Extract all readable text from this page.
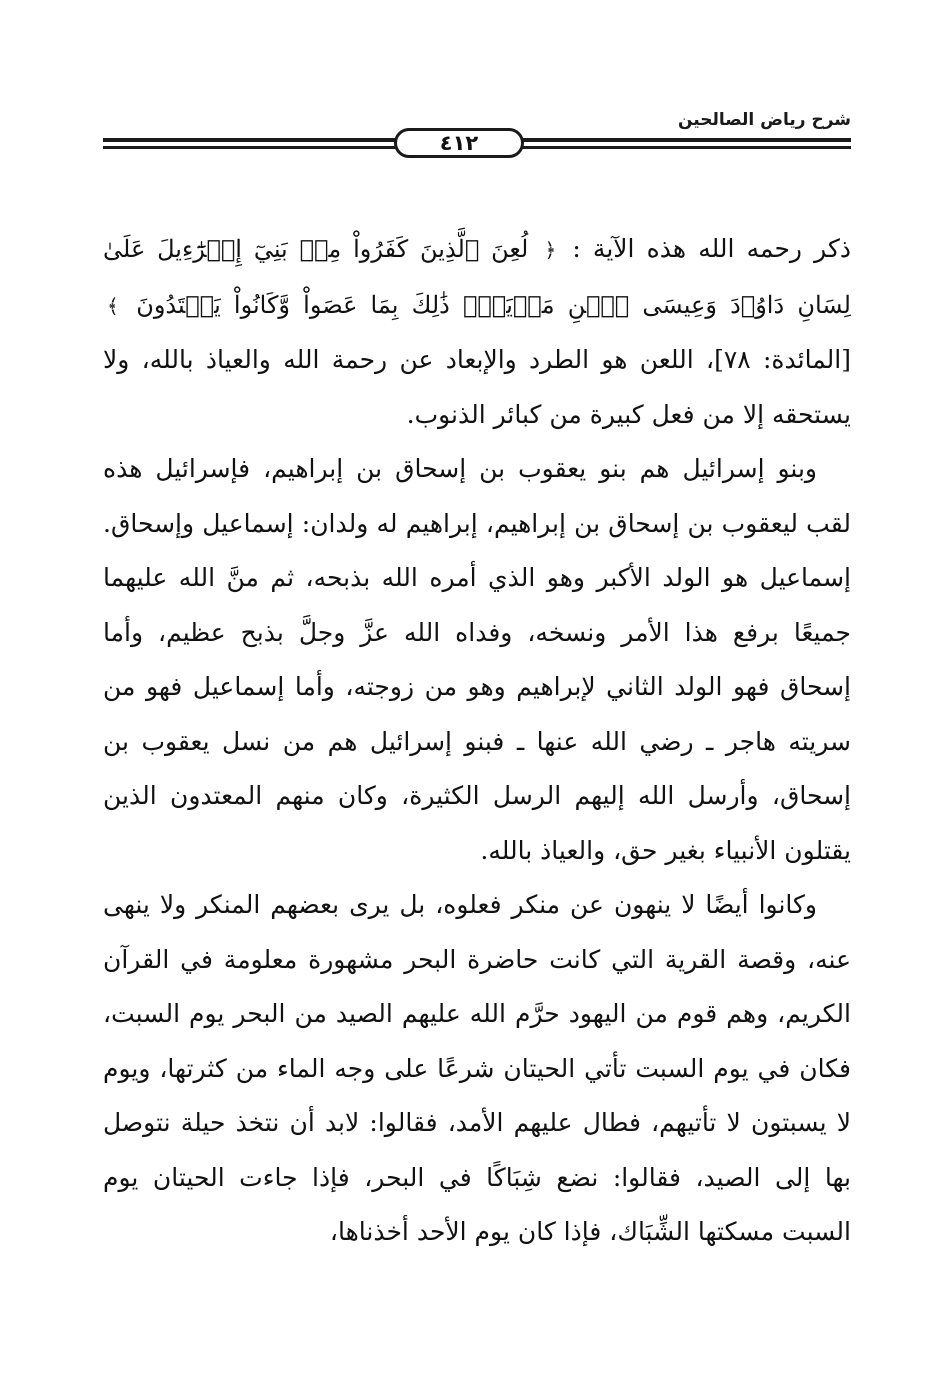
شرح رياض الصالحين
٤١٢

ذكر رحمه الله هذه الآية : ﴿ لُعِنَ ٱلَّذِينَ كَفَرُواْ مِنۢ بَنِيٓ إِسۡرَٰٓءِيلَ عَلَىٰ لِسَانِ دَاوُۥدَ وَعِيسَى ٱبۡنِ مَرۡيَمَۚ ذَٰلِكَ بِمَا عَصَواْ وَّكَانُواْ يَعۡتَدُونَ ﴾ [المائدة: ٧٨]، اللعن هو الطرد والإبعاد عن رحمة الله والعياذ بالله، ولا يستحقه إلا من فعل كبيرة من كبائر الذنوب.

وبنو إسرائيل هم بنو يعقوب بن إسحاق بن إبراهيم، فإسرائيل هذه لقب ليعقوب بن إسحاق بن إبراهيم، إبراهيم له ولدان: إسماعيل وإسحاق. إسماعيل هو الولد الأكبر وهو الذي أمره الله بذبحه، ثم منَّ الله عليهما جميعًا برفع هذا الأمر ونسخه، وفداه الله عزَّ وجلَّ بذبح عظيم، وأما إسحاق فهو الولد الثاني لإبراهيم وهو من زوجته، وأما إسماعيل فهو من سريته هاجر ـ رضي الله عنها ـ فبنو إسرائيل هم من نسل يعقوب بن إسحاق، وأرسل الله إليهم الرسل الكثيرة، وكان منهم المعتدون الذين يقتلون الأنبياء بغير حق، والعياذ بالله.

وكانوا أيضًا لا ينهون عن منكر فعلوه، بل يرى بعضهم المنكر ولا ينهى عنه، وقصة القرية التي كانت حاضرة البحر مشهورة معلومة في القرآن الكريم، وهم قوم من اليهود حرَّم الله عليهم الصيد من البحر يوم السبت، فكان في يوم السبت تأتي الحيتان شرعًا على وجه الماء من كثرتها، ويوم لا يسبتون لا تأتيهم، فطال عليهم الأمد، فقالوا: لابد أن نتخذ حيلة نتوصل بها إلى الصيد، فقالوا: نضع شِبَاكًا في البحر، فإذا جاءت الحيتان يوم السبت مسكتها الشِّبَاك، فإذا كان يوم الأحد أخذناها،
